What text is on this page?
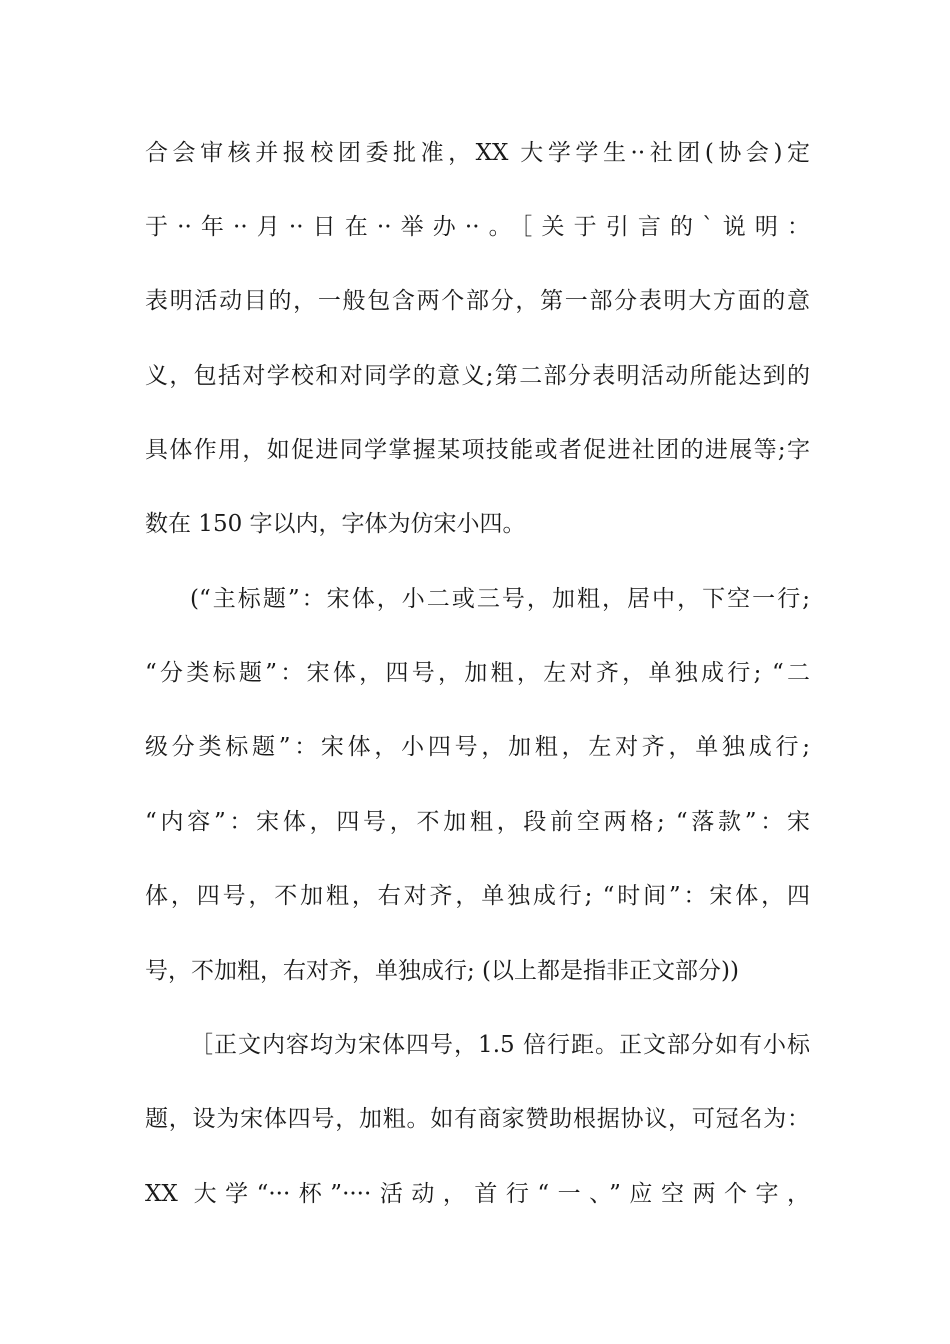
合会审核并报校团委批准，XX 大学学生··社团(协会)定
于··年··月··日在··举办··。［关于引言的`说明：
表明活动目的，一般包含两个部分，第一部分表明大方面的意
义，包括对学校和对同学的意义;第二部分表明活动所能达到的
具体作用，如促进同学掌握某项技能或者促进社团的进展等;字
数在 150 字以内，字体为仿宋小四。
(“主标题”：宋体，小二或三号，加粗，居中，下空一行;
“分类标题”：宋体，四号，加粗，左对齐，单独成行; “二
级分类标题”：宋体，小四号，加粗，左对齐，单独成行;
“内容”：宋体，四号，不加粗，段前空两格; “落款”：宋
体，四号，不加粗，右对齐，单独成行; “时间”：宋体，四
号，不加粗，右对齐，单独成行; (以上都是指非正文部分))
［正文内容均为宋体四号，1.5 倍行距。正文部分如有小标
题，设为宋体四号，加粗。如有商家赞助根据协议，可冠名为：
XX 大学“···杯”····活动，首行“一、”应空两个字，
